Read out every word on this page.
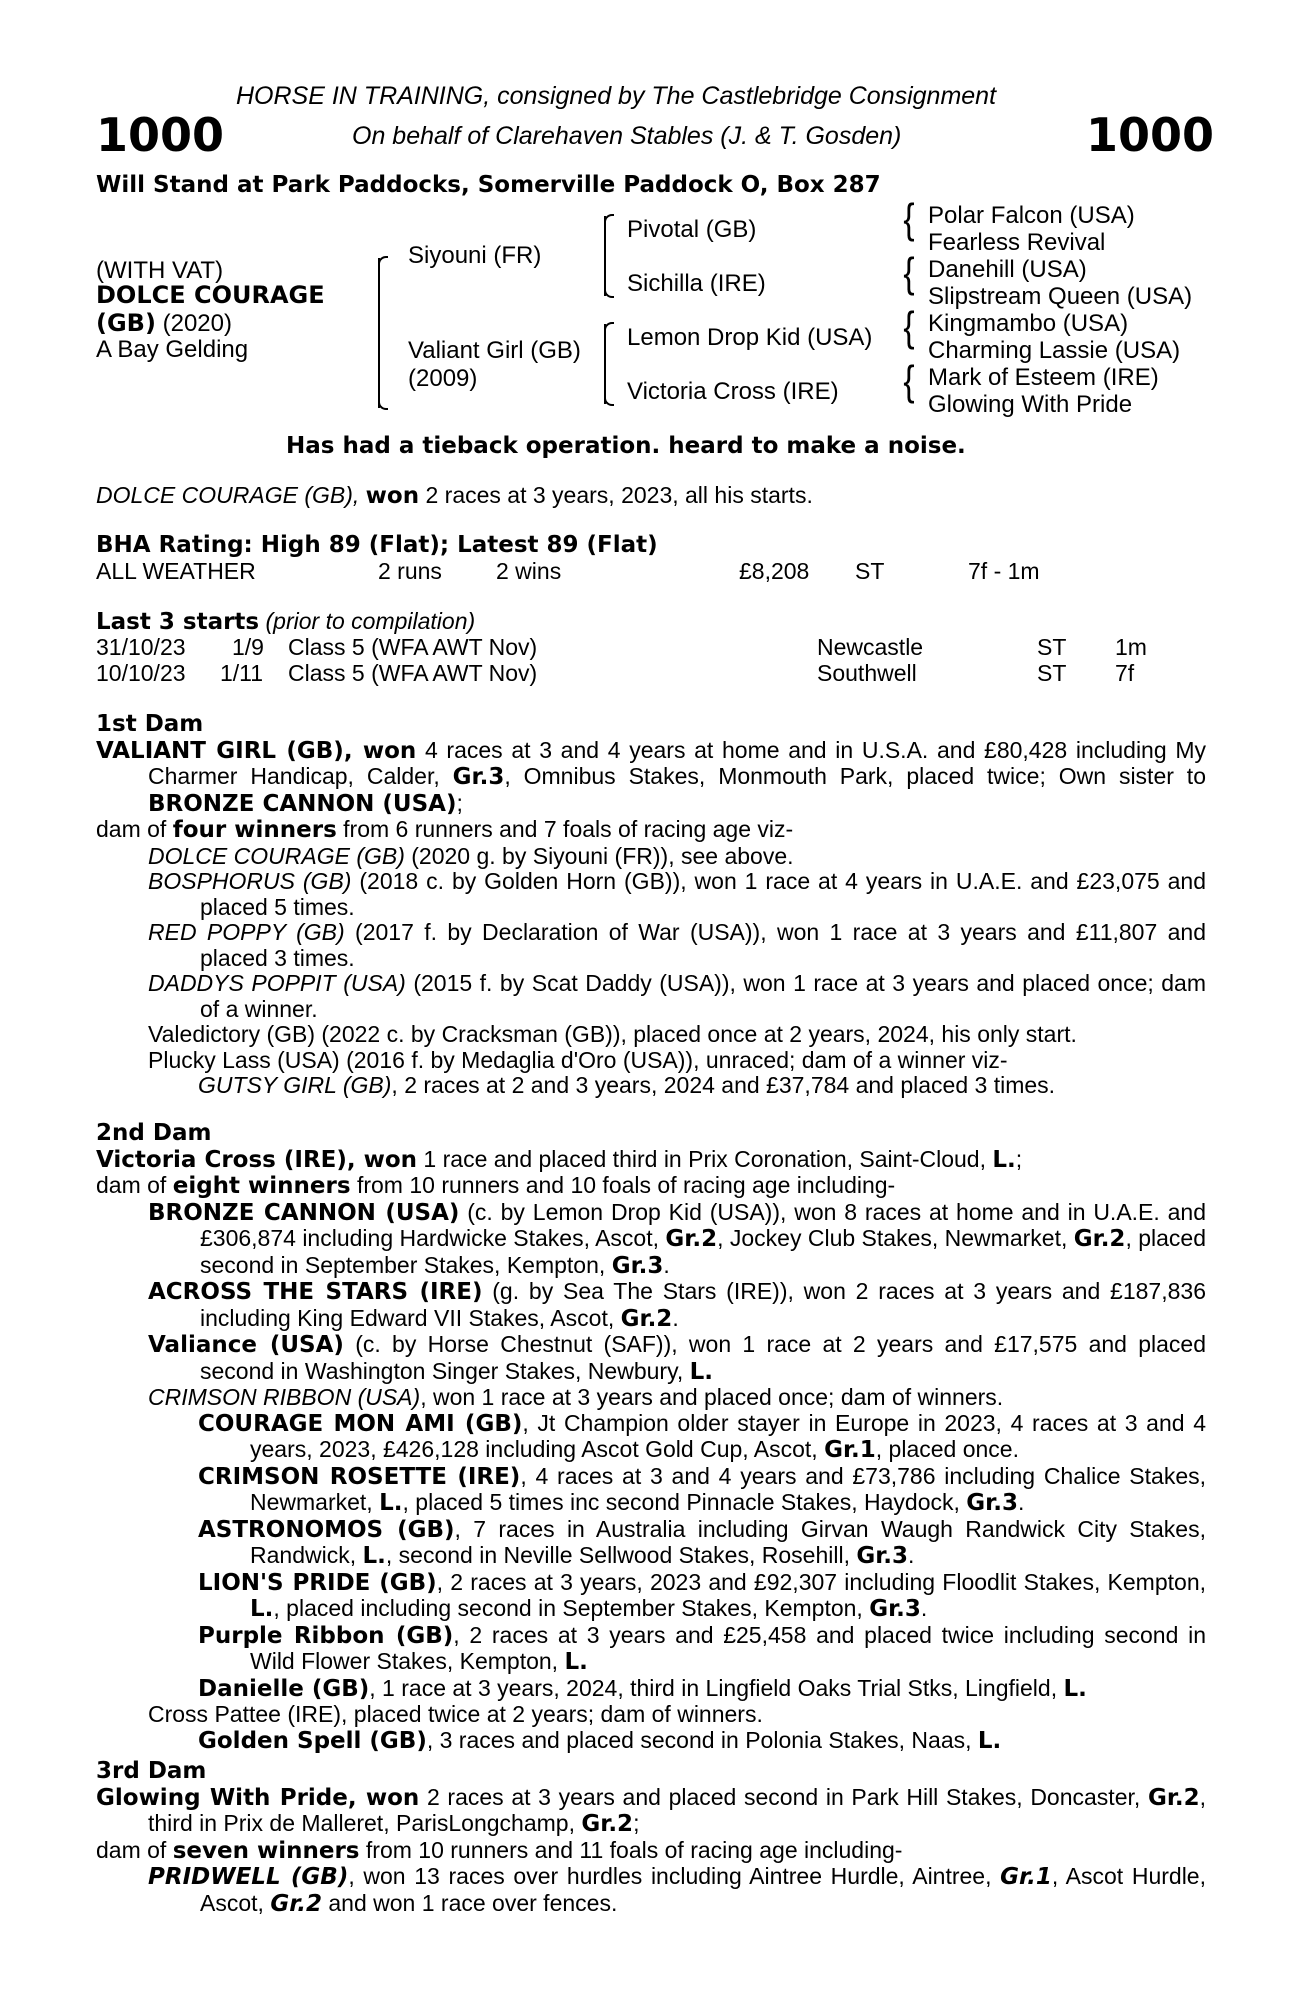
HORSE IN TRAINING, consigned by The Castlebridge Consignment
1000	On behalf of Clarehaven Stables (J. & T. Gosden)	1000
Will Stand at Park Paddocks, Somerville Paddock O, Box 287
(WITH VAT)
DOLCE COURAGE
(GB) (2020)
A Bay Gelding
Siyouni (FR)
Valiant Girl (GB)
(2009)
Pivotal (GB)
Sichilla (IRE)
Lemon Drop Kid (USA)
Victoria Cross (IRE)
{
{
{
{
Polar Falcon (USA)
Fearless Revival
Danehill (USA)
Slipstream Queen (USA)
Kingmambo (USA)
Charming Lassie (USA)
Mark of Esteem (IRE)
Glowing With Pride
Has had a tieback operation. heard to make a noise.
DOLCE COURAGE (GB), won 2 races at 3 years, 2023, all his starts.
BHA Rating: High 89 (Flat); Latest 89 (Flat)
ALL WEATHER	2 runs 2 wins	£8,208 ST	7f - 1m
Last 3 starts (prior to compilation)
31/10/23 1/9 Class 5 (WFA AWT Nov)	Newcastle	ST 1m
10/10/23 1/11 Class 5 (WFA AWT Nov)	Southwell	ST 7f

1st Dam

VALIANT GIRL (GB), won 4 races at 3 and 4 years at home and in U.S.A. and £80,428 including My Charmer Handicap, Calder, Gr.3, Omnibus Stakes, Monmouth Park, placed twice; Own sister to BRONZE CANNON (USA);

dam of four winners from 6 runners and 7 foals of racing age viz-

DOLCE COURAGE (GB) (2020 g. by Siyouni (FR)), see above.

BOSPHORUS (GB) (2018 c. by Golden Horn (GB)), won 1 race at 4 years in U.A.E. and £23,075 and placed 5 times.

RED POPPY (GB) (2017 f. by Declaration of War (USA)), won 1 race at 3 years and £11,807 and placed 3 times.

DADDYS POPPIT (USA) (2015 f. by Scat Daddy (USA)), won 1 race at 3 years and placed once; dam of a winner.

Valedictory (GB) (2022 c. by Cracksman (GB)), placed once at 2 years, 2024, his only start.

Plucky Lass (USA) (2016 f. by Medaglia d'Oro (USA)), unraced; dam of a winner viz-

GUTSY GIRL (GB), 2 races at 2 and 3 years, 2024 and £37,784 and placed 3 times.

2nd Dam

Victoria Cross (IRE), won 1 race and placed third in Prix Coronation, Saint-Cloud, L.;

dam of eight winners from 10 runners and 10 foals of racing age including-

BRONZE CANNON (USA) (c. by Lemon Drop Kid (USA)), won 8 races at home and in U.A.E. and £306,874 including Hardwicke Stakes, Ascot, Gr.2, Jockey Club Stakes, Newmarket, Gr.2, placed second in September Stakes, Kempton, Gr.3.

ACROSS THE STARS (IRE) (g. by Sea The Stars (IRE)), won 2 races at 3 years and £187,836 including King Edward VII Stakes, Ascot, Gr.2.

Valiance (USA) (c. by Horse Chestnut (SAF)), won 1 race at 2 years and £17,575 and placed second in Washington Singer Stakes, Newbury, L.

CRIMSON RIBBON (USA), won 1 race at 3 years and placed once; dam of winners.

COURAGE MON AMI (GB), Jt Champion older stayer in Europe in 2023, 4 races at 3 and 4 years, 2023, £426,128 including Ascot Gold Cup, Ascot, Gr.1, placed once.

CRIMSON ROSETTE (IRE), 4 races at 3 and 4 years and £73,786 including Chalice Stakes, Newmarket, L., placed 5 times inc second Pinnacle Stakes, Haydock, Gr.3.

ASTRONOMOS (GB), 7 races in Australia including Girvan Waugh Randwick City Stakes, Randwick, L., second in Neville Sellwood Stakes, Rosehill, Gr.3.

LION'S PRIDE (GB), 2 races at 3 years, 2023 and £92,307 including Floodlit Stakes, Kempton, L., placed including second in September Stakes, Kempton, Gr.3.

Purple Ribbon (GB), 2 races at 3 years and £25,458 and placed twice including second in Wild Flower Stakes, Kempton, L.

Danielle (GB), 1 race at 3 years, 2024, third in Lingfield Oaks Trial Stks, Lingfield, L.

Cross Pattee (IRE), placed twice at 2 years; dam of winners.

Golden Spell (GB), 3 races and placed second in Polonia Stakes, Naas, L.

3rd Dam

Glowing With Pride, won 2 races at 3 years and placed second in Park Hill Stakes, Doncaster, Gr.2, third in Prix de Malleret, ParisLongchamp, Gr.2;

dam of seven winners from 10 runners and 11 foals of racing age including-

PRIDWELL (GB), won 13 races over hurdles including Aintree Hurdle, Aintree, Gr.1, Ascot Hurdle, Ascot, Gr.2 and won 1 race over fences.
